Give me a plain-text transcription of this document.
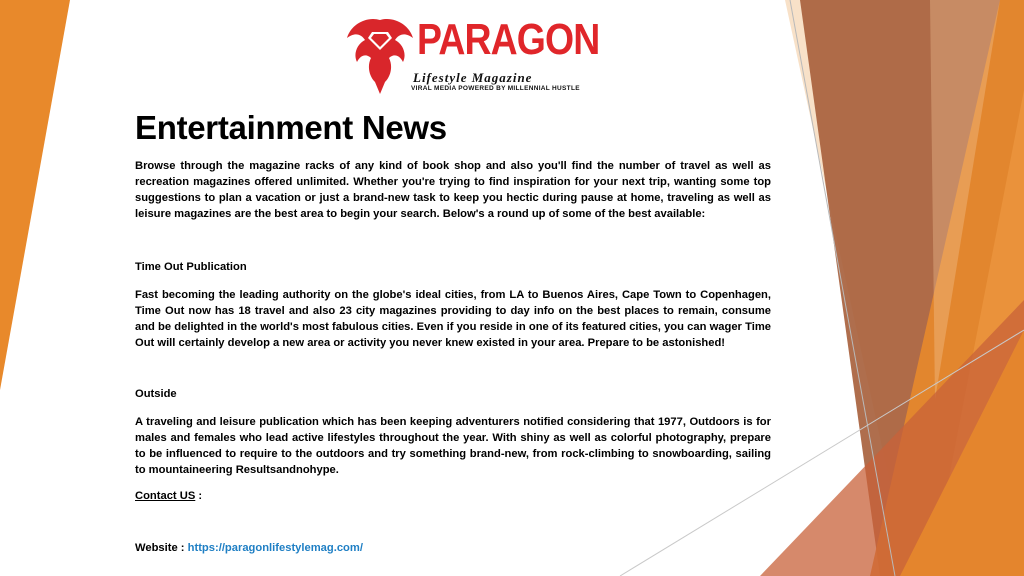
PARAGON
Lifestyle Magazine
VIRAL MEDIA POWERED BY MILLENNIAL HUSTLE
Entertainment News

Browse through the magazine racks of any kind of book shop and also you'll find the number of travel as well as recreation magazines offered unlimited. Whether you're trying to find inspiration for your next trip, wanting some top suggestions to plan a vacation or just a brand-new task to keep you hectic during pause at home, traveling as well as leisure magazines are the best area to begin your search. Below's a round up of some of the best available:

Time Out Publication

Fast becoming the leading authority on the globe's ideal cities, from LA to Buenos Aires, Cape Town to Copenhagen, Time Out now has 18 travel and also 23 city magazines providing to day info on the best places to remain, consume and be delighted in the world's most fabulous cities. Even if you reside in one of its featured cities, you can wager Time Out will certainly develop a new area or activity you never knew existed in your area. Prepare to be astonished!

Outside

A traveling and leisure publication which has been keeping adventurers notified considering that 1977, Outdoors is for males and females who lead active lifestyles throughout the year. With shiny as well as colorful photography, prepare to be influenced to require to the outdoors and try something brand-new, from rock-climbing to snowboarding, sailing to mountaineering Resultsandnohype.

Contact US :
Website : https://paragonlifestylemag.com/
